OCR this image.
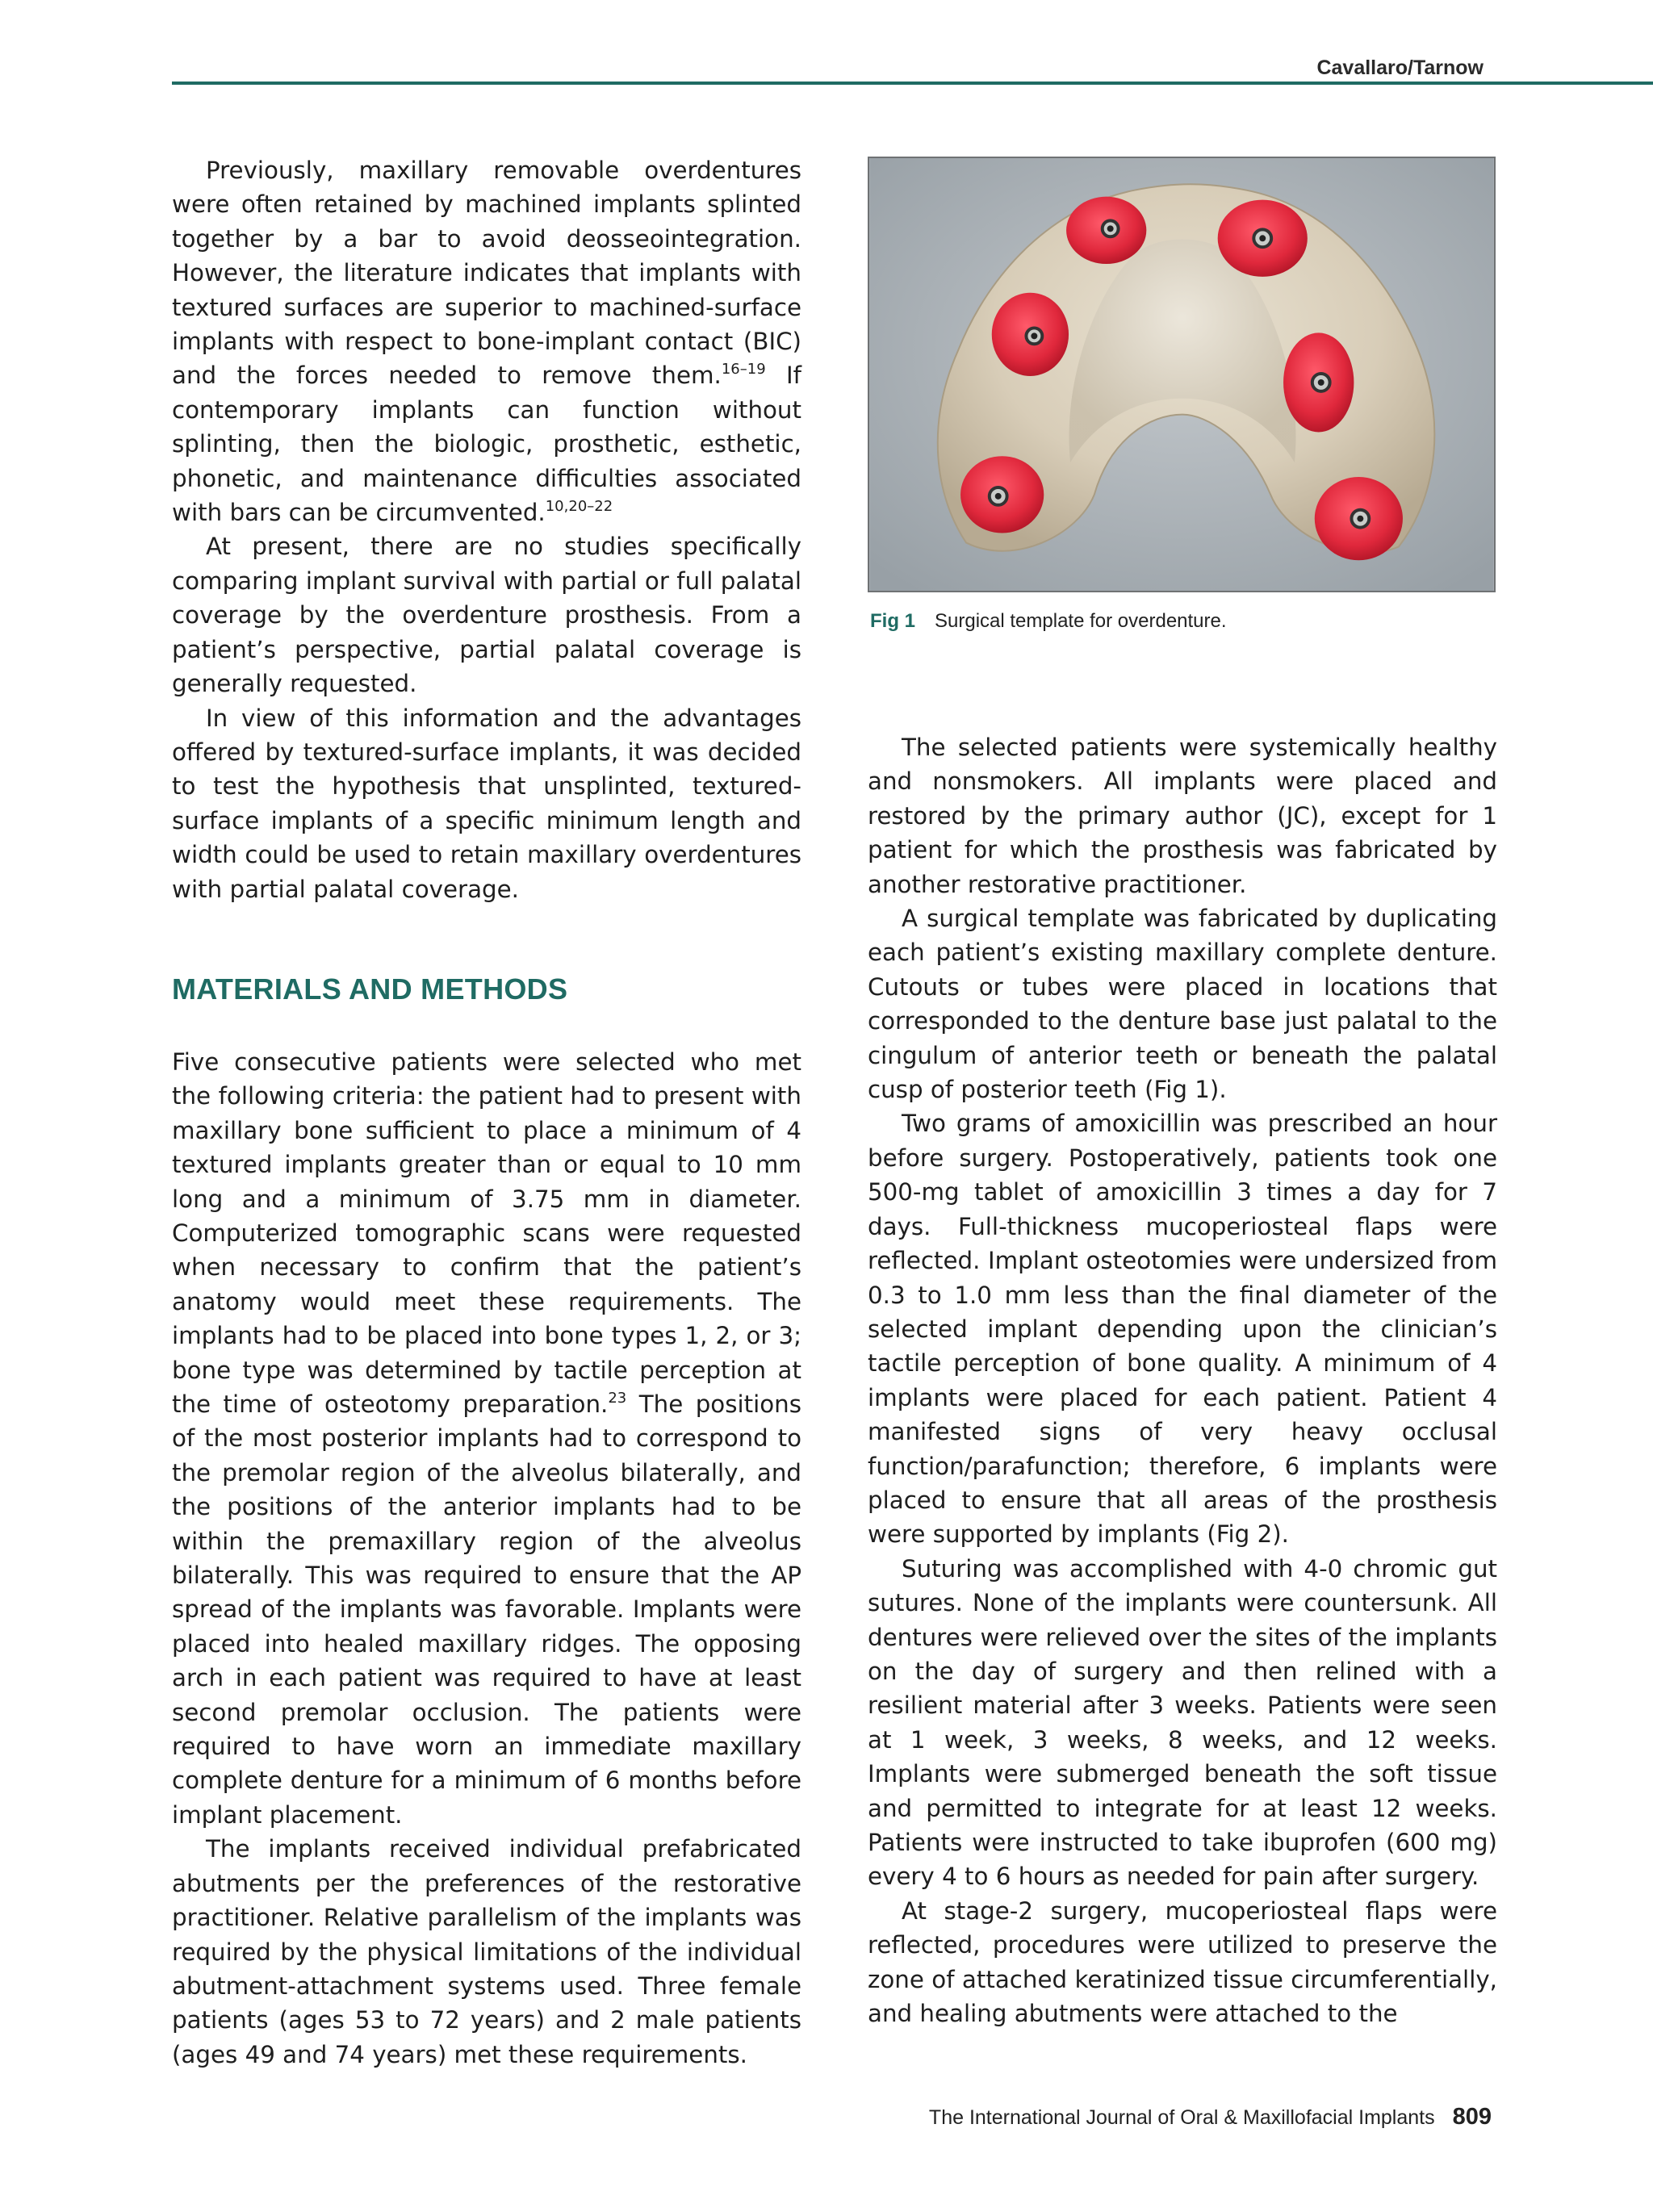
Cavallaro/Tarnow

Previously, maxillary removable overdentures were often retained by machined implants splinted together by a bar to avoid deosseointegration. However, the literature indicates that implants with textured surfaces are superior to machined-surface implants with respect to bone-implant contact (BIC) and the forces needed to remove them.$^{16-19}$ If contemporary implants can function without splinting, then the biologic, prosthetic, esthetic, phonetic, and maintenance difficulties associated with bars can be circumvented.$^{10,20-22}$

At present, there are no studies specifically comparing implant survival with partial or full palatal coverage by the overdenture prosthesis. From a patient’s perspective, partial palatal coverage is generally requested.

In view of this information and the advantages offered by textured-surface implants, it was decided to test the hypothesis that unsplinted, textured-surface implants of a specific minimum length and width could be used to retain maxillary overdentures with partial palatal coverage.

MATERIALS AND METHODS

Five consecutive patients were selected who met the following criteria: the patient had to present with maxillary bone sufficient to place a minimum of 4 textured implants greater than or equal to 10 mm long and a minimum of 3.75 mm in diameter. Computerized tomographic scans were requested when necessary to confirm that the patient’s anatomy would meet these requirements. The implants had to be placed into bone types 1, 2, or 3; bone type was determined by tactile perception at the time of osteotomy preparation.$^{23}$ The positions of the most posterior implants had to correspond to the premolar region of the alveolus bilaterally, and the positions of the anterior implants had to be within the premaxillary region of the alveolus bilaterally. This was required to ensure that the AP spread of the implants was favorable. Implants were placed into healed maxillary ridges. The opposing arch in each patient was required to have at least second premolar occlusion. The patients were required to have worn an immediate maxillary complete denture for a minimum of 6 months before implant placement.

The implants received individual prefabricated abutments per the preferences of the restorative practitioner. Relative parallelism of the implants was required by the physical limitations of the individual abutment-attachment systems used. Three female patients (ages 53 to 72 years) and 2 male patients (ages 49 and 74 years) met these requirements.

Fig 1 Surgical template for overdenture.

The selected patients were systemically healthy and nonsmokers. All implants were placed and restored by the primary author (JC), except for 1 patient for which the prosthesis was fabricated by another restorative practitioner.

A surgical template was fabricated by duplicating each patient’s existing maxillary complete denture. Cutouts or tubes were placed in locations that corresponded to the denture base just palatal to the cingulum of anterior teeth or beneath the palatal cusp of posterior teeth (Fig 1).

Two grams of amoxicillin was prescribed an hour before surgery. Postoperatively, patients took one 500-mg tablet of amoxicillin 3 times a day for 7 days. Full-thickness mucoperiosteal flaps were reflected. Implant osteotomies were undersized from 0.3 to 1.0 mm less than the final diameter of the selected implant depending upon the clinician’s tactile perception of bone quality. A minimum of 4 implants were placed for each patient. Patient 4 manifested signs of very heavy occlusal function/parafunction; therefore, 6 implants were placed to ensure that all areas of the prosthesis were supported by implants (Fig 2).

Suturing was accomplished with 4-0 chromic gut sutures. None of the implants were countersunk. All dentures were relieved over the sites of the implants on the day of surgery and then relined with a resilient material after 3 weeks. Patients were seen at 1 week, 3 weeks, 8 weeks, and 12 weeks. Implants were submerged beneath the soft tissue and permitted to integrate for at least 12 weeks. Patients were instructed to take ibuprofen (600 mg) every 4 to 6 hours as needed for pain after surgery.

At stage-2 surgery, mucoperiosteal flaps were reflected, procedures were utilized to preserve the zone of attached keratinized tissue circumferentially, and healing abutments were attached to the

The International Journal of Oral & Maxillofacial Implants 809
